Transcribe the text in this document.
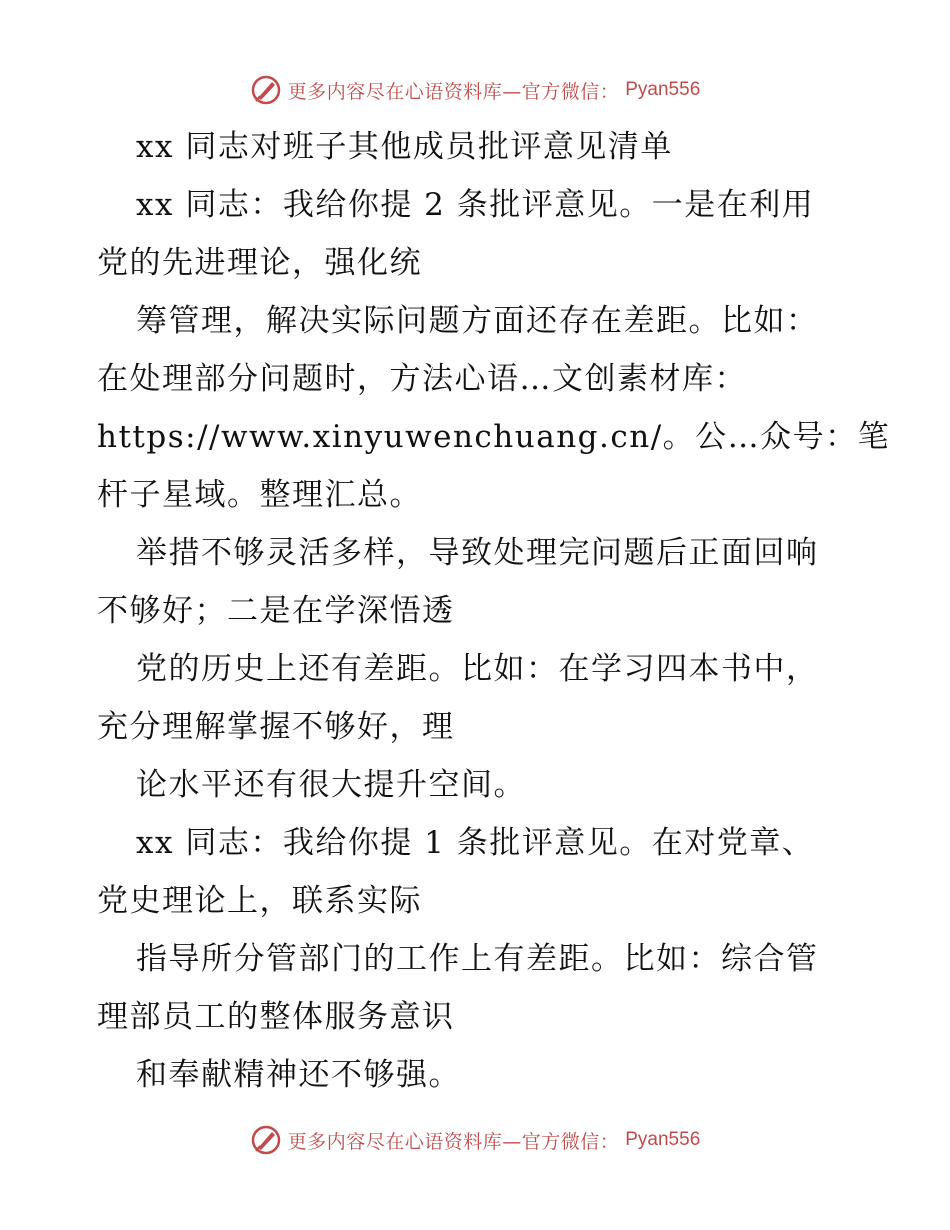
更多内容尽在心语资料库—官方微信： Pyan556
xx 同志对班子其他成员批评意见清单
xx 同志：我给你提 2 条批评意见。一是在利用
党的先进理论，强化统
筹管理，解决实际问题方面还存在差距。比如：
在处理部分问题时，方法心语…文创素材库：
https://www.xinyuwenchuang.cn/。公…众号：笔
杆子星域。整理汇总。
举措不够灵活多样，导致处理完问题后正面回响
不够好；二是在学深悟透
党的历史上还有差距。比如：在学习四本书中，
充分理解掌握不够好，理
论水平还有很大提升空间。
xx 同志：我给你提 1 条批评意见。在对党章、
党史理论上，联系实际
指导所分管部门的工作上有差距。比如：综合管
理部员工的整体服务意识
和奉献精神还不够强。
更多内容尽在心语资料库—官方微信： Pyan556
